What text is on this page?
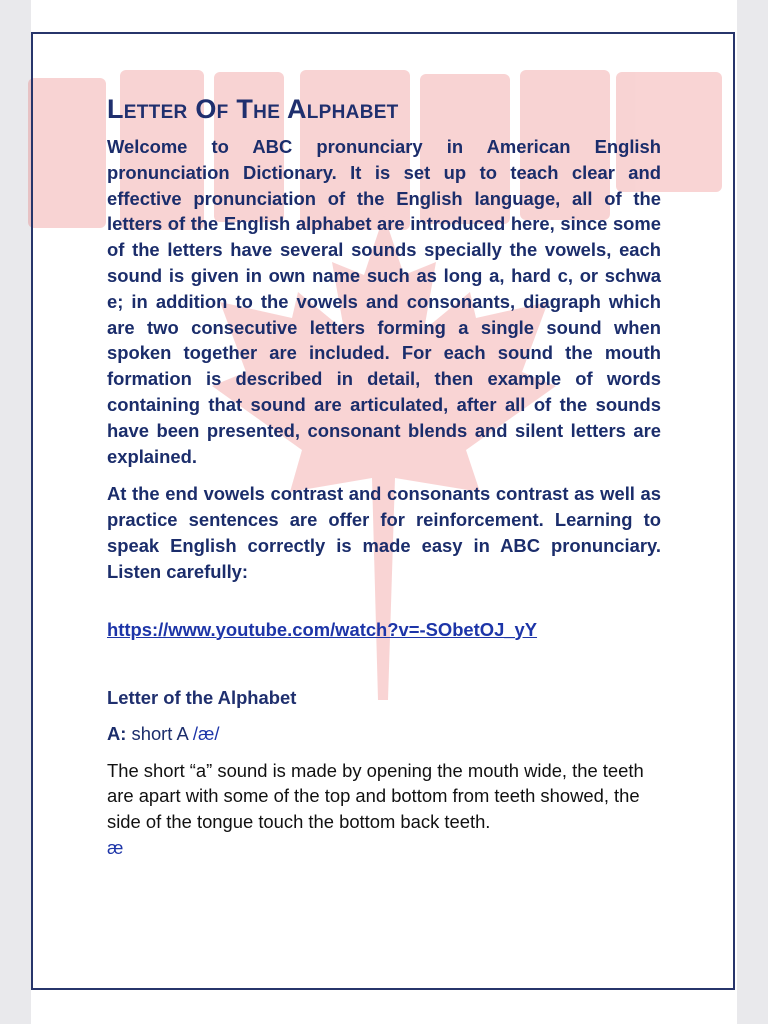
Letter Of The Alphabet

Welcome to ABC pronunciary in American English pronunciation Dictionary. It is set up to teach clear and effective pronunciation of the English language, all of the letters of the English alphabet are introduced here, since some of the letters have several sounds specially the vowels, each sound is given in own name such as long a, hard c, or schwa e; in addition to the vowels and consonants, diagraph which are two consecutive letters forming a single sound when spoken together are included. For each sound the mouth formation is described in detail, then example of words containing that sound are articulated, after all of the sounds have been presented, consonant blends and silent letters are explained.

At the end vowels contrast and consonants contrast as well as practice sentences are offer for reinforcement. Learning to speak English correctly is made easy in ABC pronunciary. Listen carefully:

https://www.youtube.com/watch?v=-SObetOJ_yY
Letter of the Alphabet
A: short A /æ/
The short “a” sound is made by opening the mouth wide, the teeth are apart with some of the top and bottom from teeth showed, the side of the tongue touch the bottom back teeth.
æ
